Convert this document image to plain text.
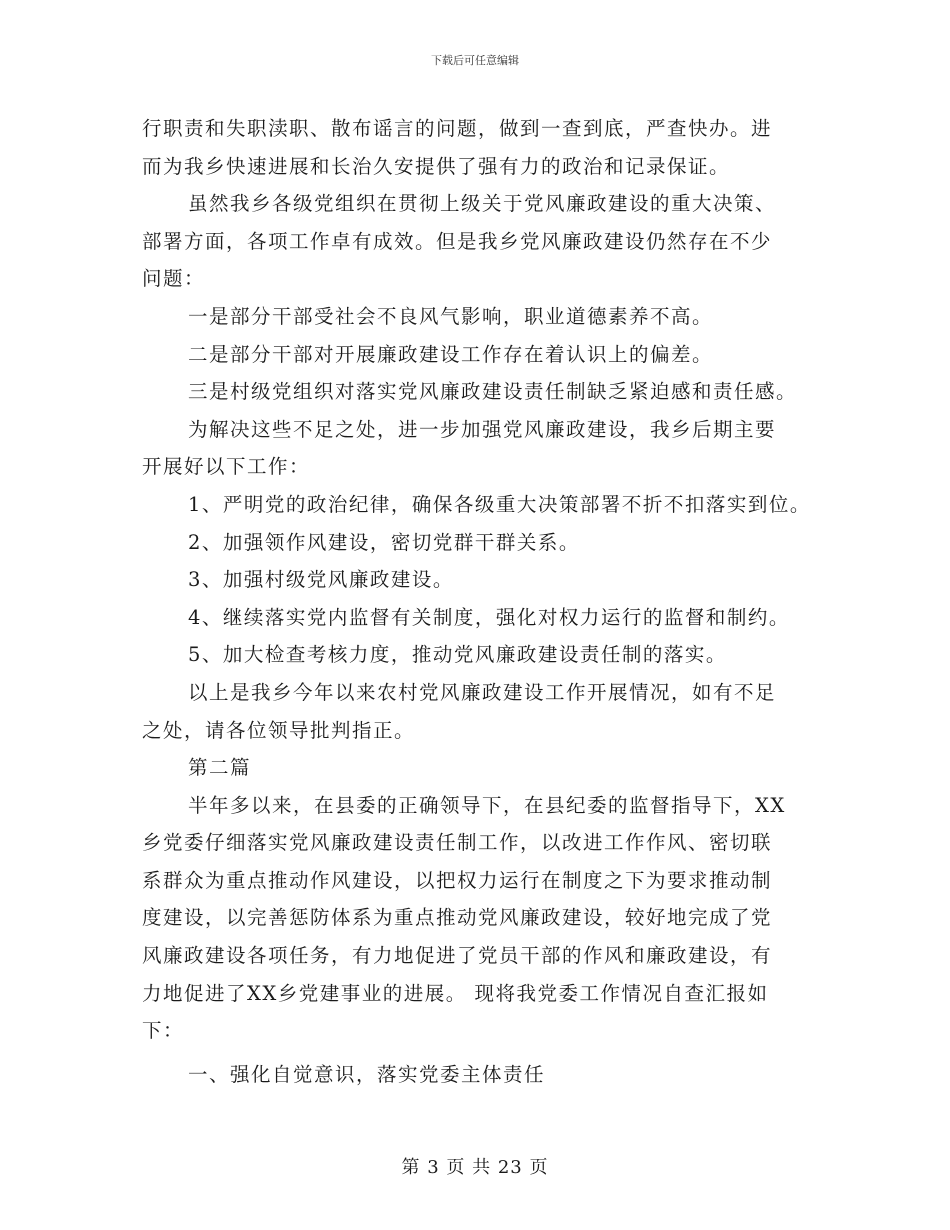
下载后可任意编辑
行职责和失职渎职、散布谣言的问题，做到一查到底，严查快办。进
而为我乡快速进展和长治久安提供了强有力的政治和记录保证。
虽然我乡各级党组织在贯彻上级关于党风廉政建设的重大决策、
部署方面，各项工作卓有成效。但是我乡党风廉政建设仍然存在不少
问题：
一是部分干部受社会不良风气影响，职业道德素养不高。
二是部分干部对开展廉政建设工作存在着认识上的偏差。
三是村级党组织对落实党风廉政建设责任制缺乏紧迫感和责任感。
为解决这些不足之处，进一步加强党风廉政建设，我乡后期主要
开展好以下工作：
1、严明党的政治纪律，确保各级重大决策部署不折不扣落实到位。
2、加强领作风建设，密切党群干群关系。
3、加强村级党风廉政建设。
4、继续落实党内监督有关制度，强化对权力运行的监督和制约。
5、加大检查考核力度，推动党风廉政建设责任制的落实。
以上是我乡今年以来农村党风廉政建设工作开展情况，如有不足
之处，请各位领导批判指正。
第二篇
半年多以来，在县委的正确领导下，在县纪委的监督指导下，XX
乡党委仔细落实党风廉政建设责任制工作，以改进工作作风、密切联
系群众为重点推动作风建设，以把权力运行在制度之下为要求推动制
度建设，以完善惩防体系为重点推动党风廉政建设，较好地完成了党
风廉政建设各项任务，有力地促进了党员干部的作风和廉政建设，有
力地促进了XX乡党建事业的进展。 现将我党委工作情况自查汇报如
下：
一、强化自觉意识，落实党委主体责任
第 3 页 共 23 页
